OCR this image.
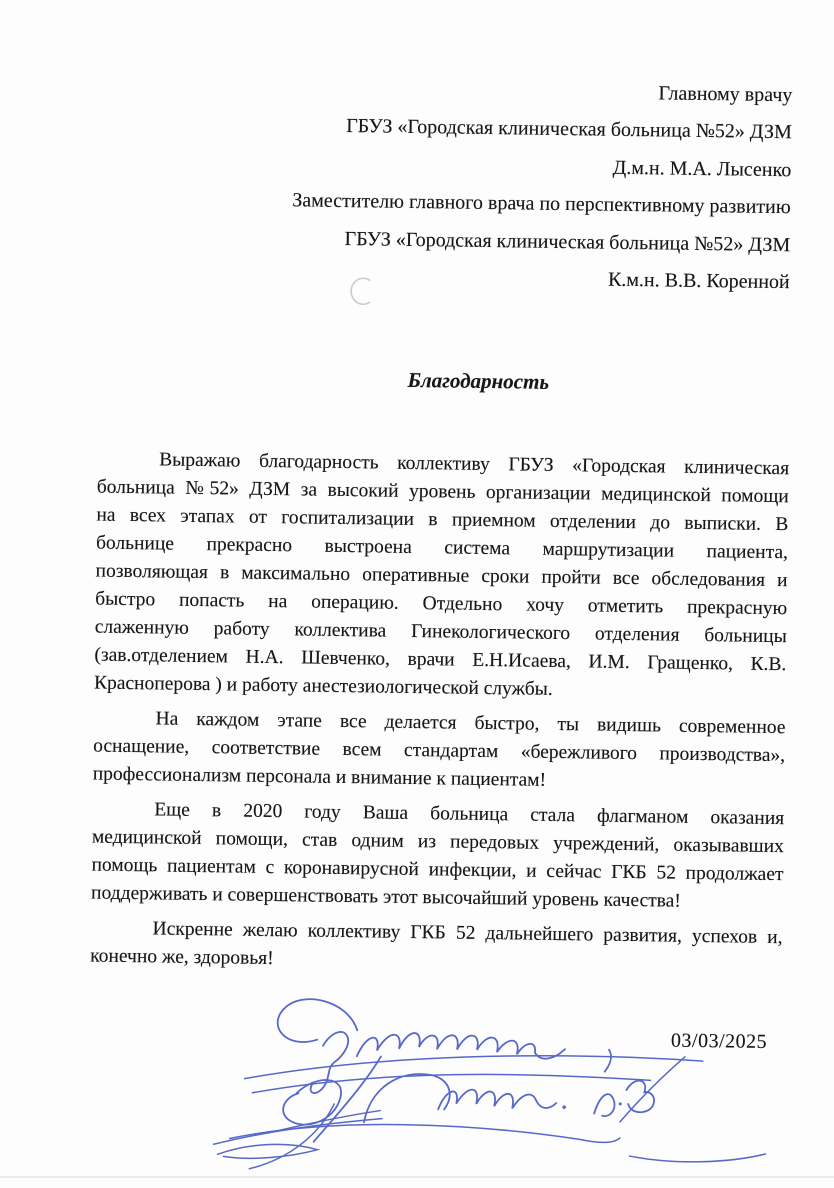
Главному врачу
ГБУЗ «Городская клиническая больница №52» ДЗМ
Д.м.н. М.А. Лысенко
Заместителю главного врача по перспективному развитию
ГБУЗ «Городская клиническая больница №52» ДЗМ
К.м.н. В.В. Коренной
Благодарность
Выражаю благодарность коллективу ГБУЗ «Городская клиническая
больница №52» ДЗМ за высокий уровень организации медицинской помощи
на всех этапах от госпитализации в приемном отделении до выписки. В
больнице прекрасно выстроена система маршрутизации пациента,
позволяющая в максимально оперативные сроки пройти все обследования и
быстро попасть на операцию. Отдельно хочу отметить прекрасную
слаженную работу коллектива Гинекологического отделения больницы
(зав.отделением Н.А. Шевченко, врачи Е.Н.Исаева, И.М. Гращенко, К.В.
Красноперова ) и работу анестезиологической службы.
На каждом этапе все делается быстро, ты видишь современное
оснащение, соответствие всем стандартам «бережливого производства»,
профессионализм персонала и внимание к пациентам!
Еще в 2020 году Ваша больница стала флагманом оказания
медицинской помощи, став одним из передовых учреждений, оказывавших
помощь пациентам с коронавирусной инфекции, и сейчас ГКБ 52 продолжает
поддерживать и совершенствовать этот высочайший уровень качества!
Искренне желаю коллективу ГКБ 52 дальнейшего развития, успехов и,
конечно же, здоровья!
03/03/2025
